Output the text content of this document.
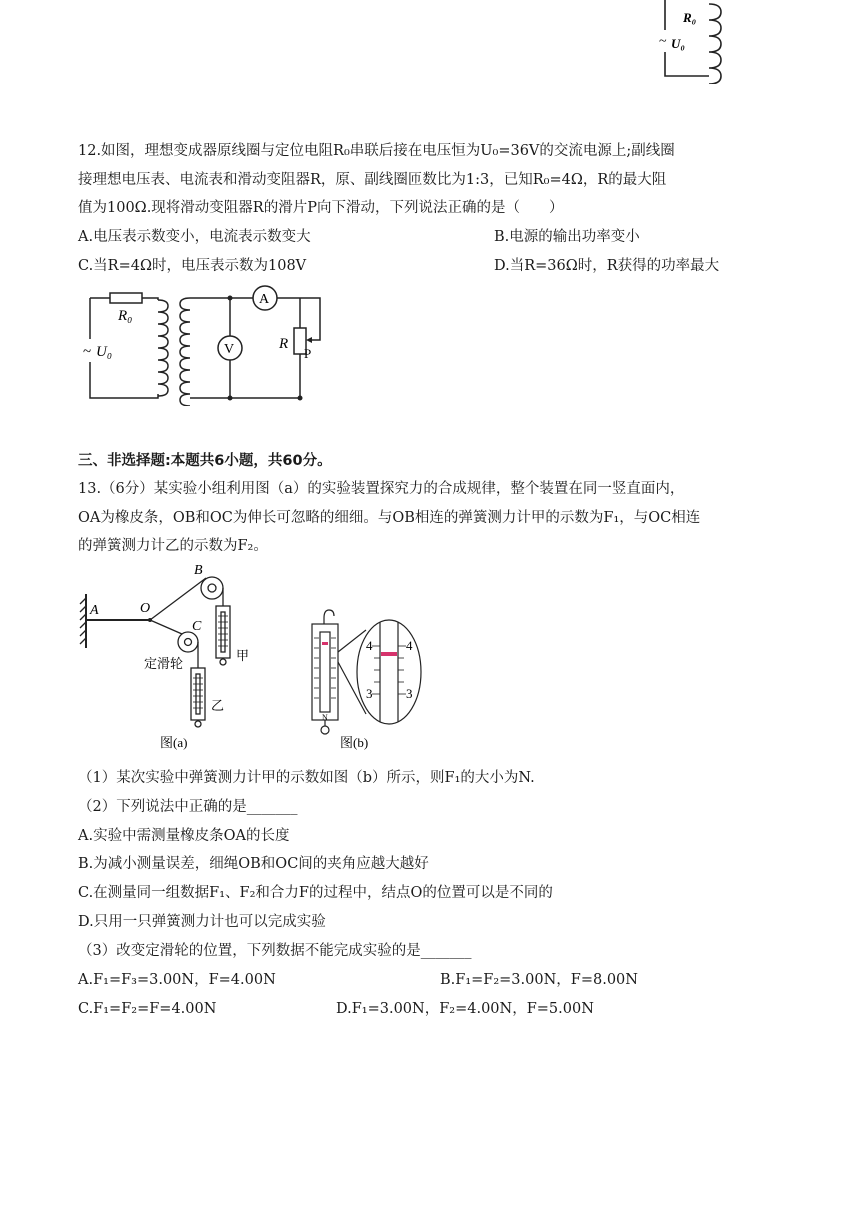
R₀
~ U₀
12.如图，理想变成器原线圈与定位电阻R₀串联后接在电压恒为U₀=36V的交流电源上;副线圈
接理想电压表、电流表和滑动变阻器R，原、副线圈匝数比为1:3，已知R₀=4Ω，R的最大阻
值为100Ω.现将滑动变阻器R的滑片P向下滑动，下列说法正确的是（　　）
A.电压表示数变小，电流表示数变大	B.电源的输出功率变小
C.当R=4Ω时，电压表示数为108V	D.当R=36Ω时，R获得的功率最大
R₀
~ U₀
A
V	R
P
三、非选择题:本题共6小题，共60分。
13.（6分）某实验小组利用图（a）的实验装置探究力的合成规律，整个装置在同一竖直面内，
OA为橡皮条，OB和OC为伸长可忽略的细细。与OB相连的弹簧测力计甲的示数为F₁，与OC相连
的弹簧测力计乙的示数为F₂。
A	O
B
C
定滑轮
甲
乙
图(a)
4	4
3	3
N
图(b)
（1）某次实验中弹簧测力计甲的示数如图（b）所示，则F₁的大小为N.
（2）下列说法中正确的是_______
A.实验中需测量橡皮条OA的长度
B.为减小测量误差，细绳OB和OC间的夹角应越大越好
C.在测量同一组数据F₁、F₂和合力F的过程中，结点O的位置可以是不同的
D.只用一只弹簧测力计也可以完成实验
（3）改变定滑轮的位置，下列数据不能完成实验的是_______
A.F₁=F₃=3.00N，F=4.00N	B.F₁=F₂=3.00N，F=8.00N
C.F₁=F₂=F=4.00N	D.F₁=3.00N，F₂=4.00N，F=5.00N
